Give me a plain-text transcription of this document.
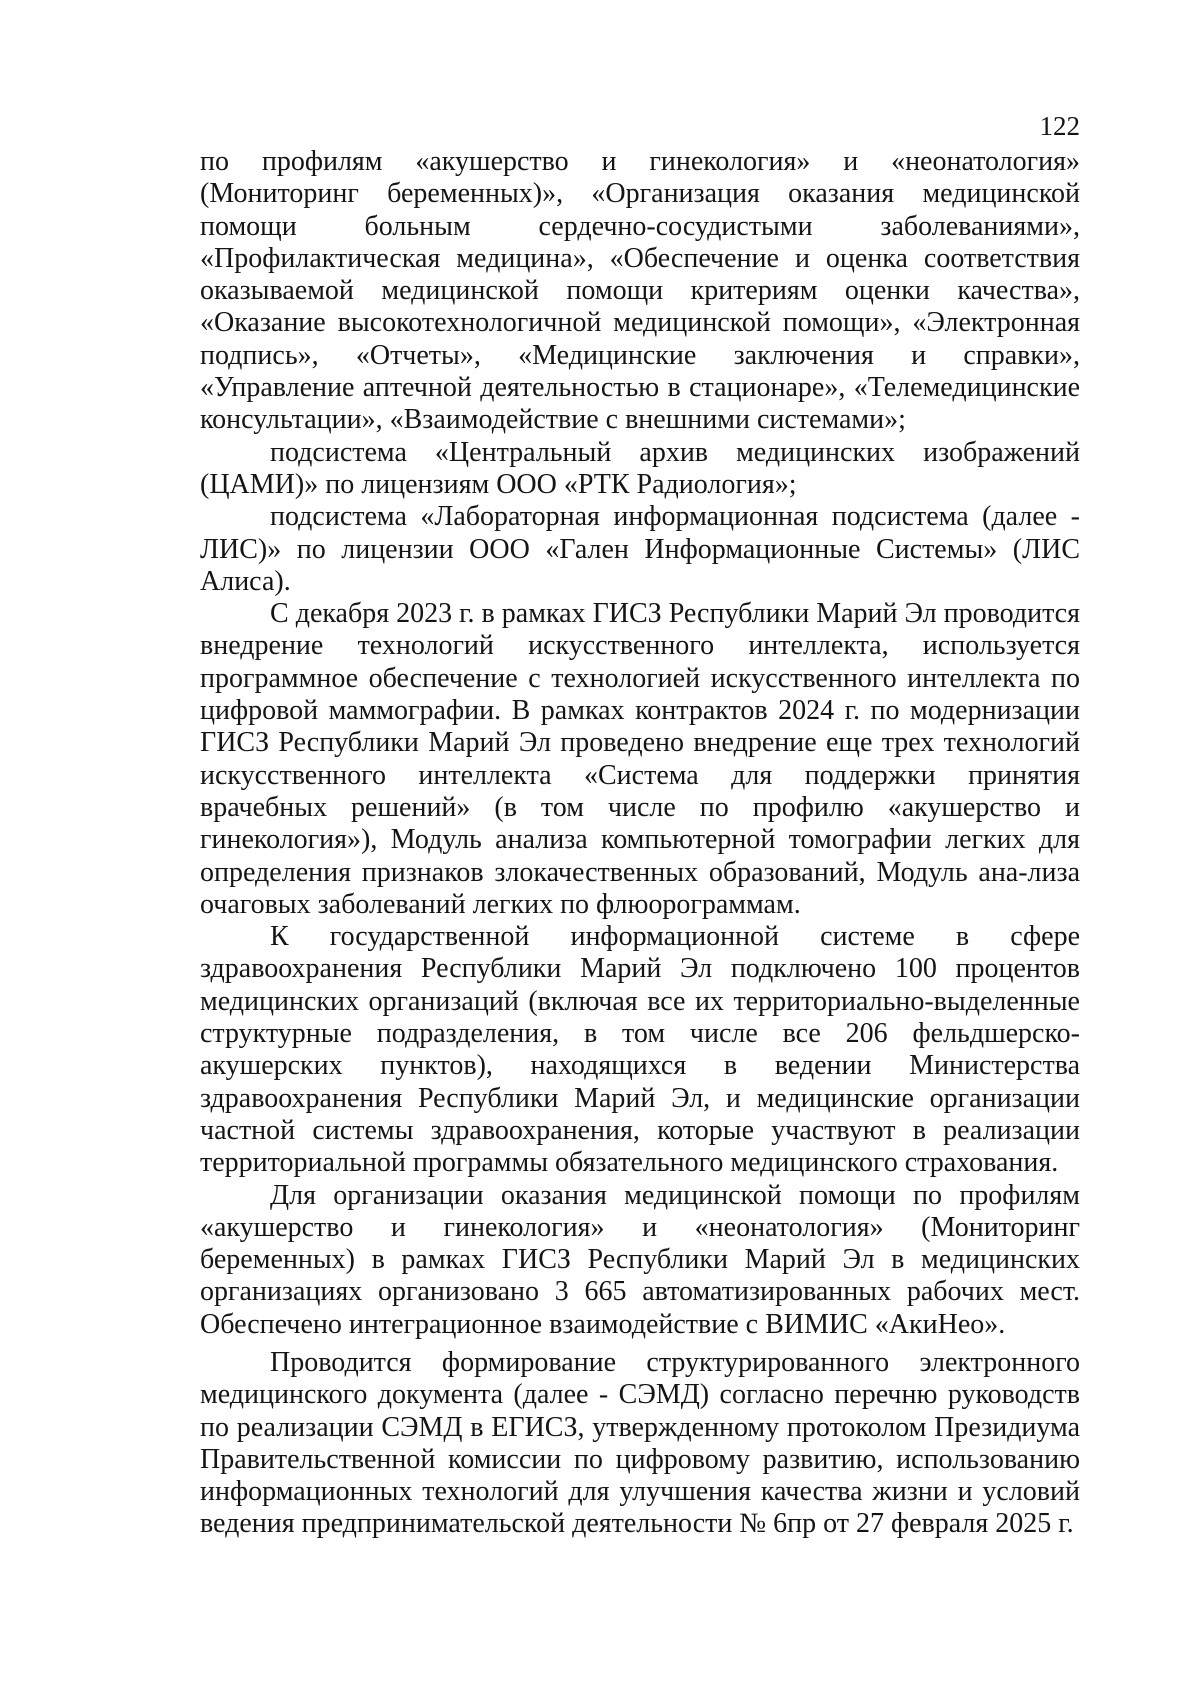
122

по профилям «акушерство и гинекология» и «неонатология» (Мониторинг беременных)», «Организация оказания медицинской помощи больным сердечно-сосудистыми заболеваниями», «Профилактическая медицина», «Обеспечение и оценка соответствия оказываемой медицинской помощи критериям оценки качества», «Оказание высокотехнологичной медицинской помощи», «Электронная подпись», «Отчеты», «Медицинские заключения и справки», «Управление аптечной деятельностью в стационаре», «Телемедицинские консультации», «Взаимодействие с внешними системами»;

подсистема «Центральный архив медицинских изображений (ЦАМИ)» по лицензиям ООО «РТК Радиология»;

подсистема «Лабораторная информационная подсистема (далее - ЛИС)» по лицензии ООО «Гален Информационные Системы» (ЛИС Алиса).

С декабря 2023 г. в рамках ГИСЗ Республики Марий Эл проводится внедрение технологий искусственного интеллекта, используется программное обеспечение с технологией искусственного интеллекта по цифровой маммографии. В рамках контрактов 2024 г. по модернизации ГИСЗ Республики Марий Эл проведено внедрение еще трех технологий искусственного интеллекта «Система для поддержки принятия врачебных решений» (в том числе по профилю «акушерство и гинекология»), Модуль анализа компьютерной томографии легких для определения признаков злокачественных образований, Модуль ана-лиза очаговых заболеваний легких по флюорограммам.

К государственной информационной системе в сфере здравоохранения Республики Марий Эл подключено 100 процентов медицинских организаций (включая все их территориально-выделенные структурные подразделения, в том числе все 206 фельдшерско-акушерских пунктов), находящихся в ведении Министерства здравоохранения Республики Марий Эл, и медицинские организации частной системы здравоохранения, которые участвуют в реализации территориальной программы обязательного медицинского страхования.

Для организации оказания медицинской помощи по профилям «акушерство и гинекология» и «неонатология» (Мониторинг беременных) в рамках ГИСЗ Республики Марий Эл в медицинских организациях организовано 3 665 автоматизированных рабочих мест. Обеспечено интеграционное взаимодействие с ВИМИС «АкиНео».

Проводится формирование структурированного электронного медицинского документа (далее - СЭМД) согласно перечню руководств по реализации СЭМД в ЕГИСЗ, утвержденному протоколом Президиума Правительственной комиссии по цифровому развитию, использованию информационных технологий для улучшения качества жизни и условий ведения предпринимательской деятельности № 6пр от 27 февраля 2025 г.
